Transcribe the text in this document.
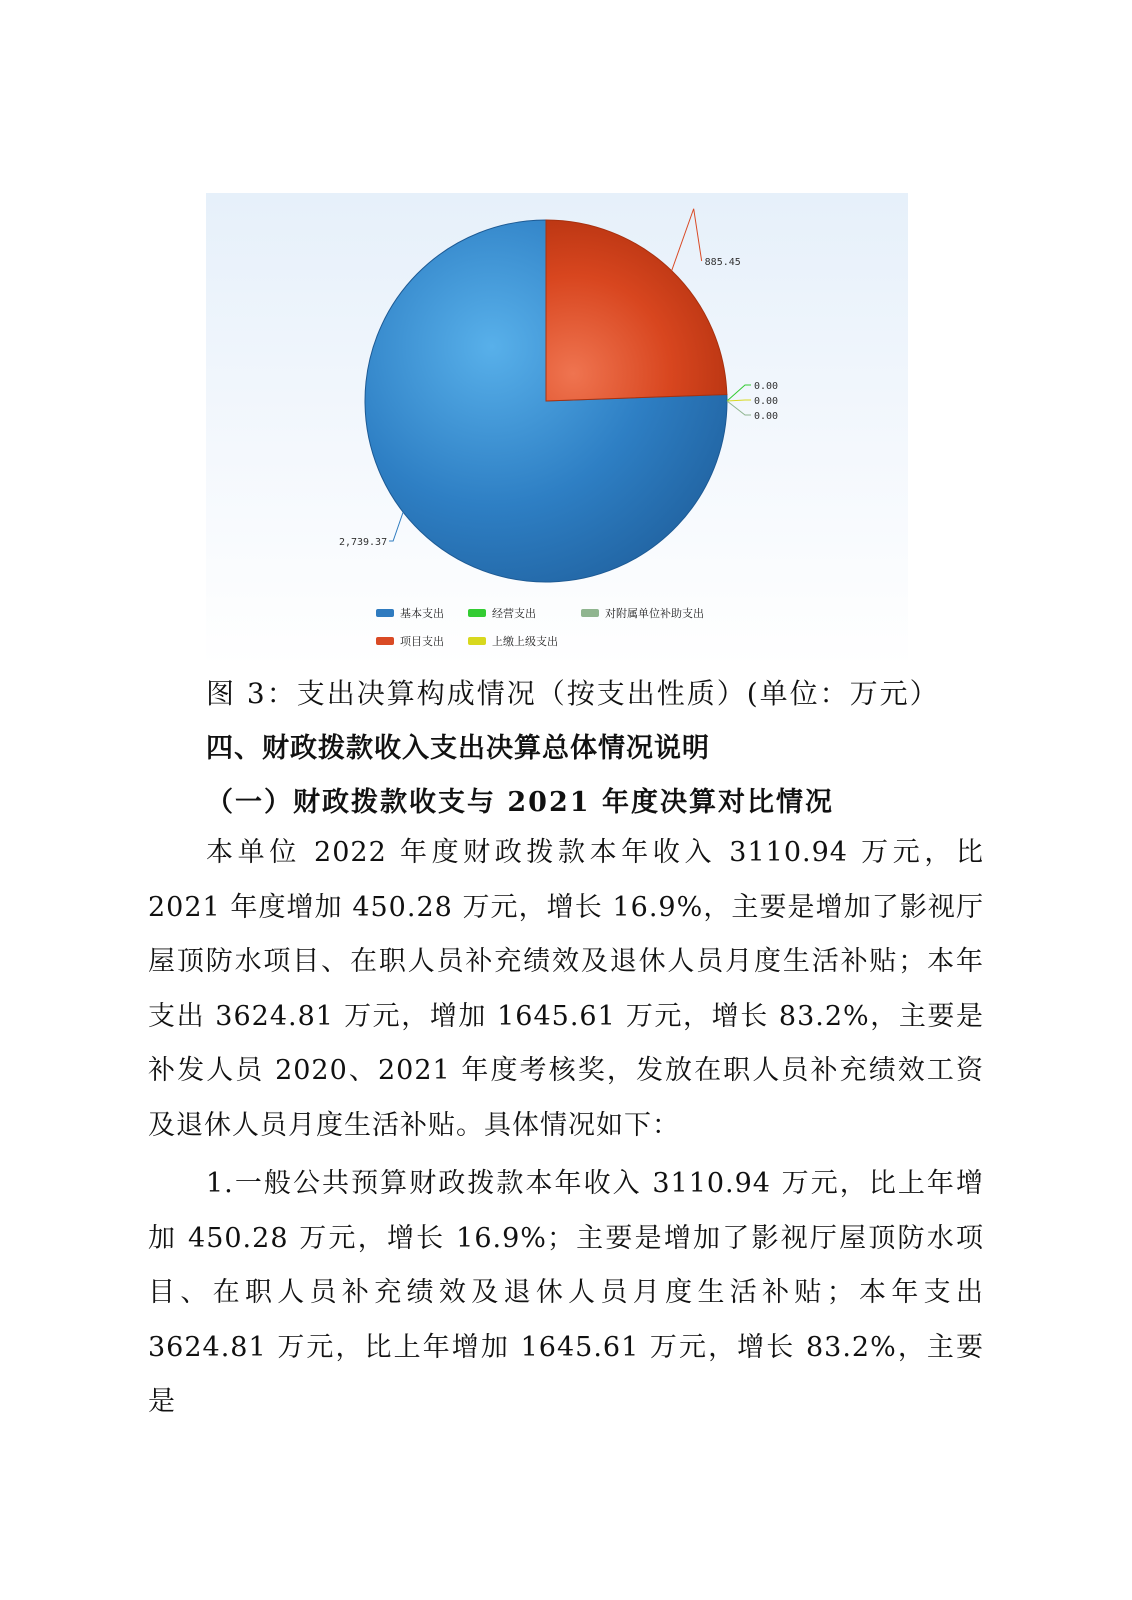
885.45
2,739.37
0.00
0.00
0.00
基本支出	经营支出	对附属单位补助支出
项目支出	上缴上级支出
图 3：支出决算构成情况（按支出性质）(单位：万元）
四、财政拨款收入支出决算总体情况说明
（一）财政拨款收支与 2021 年度决算对比情况
本单位 2022 年度财政拨款本年收入 3110.94 万元，比 2021 年度增加 450.28 万元，增长 16.9%，主要是增加了影视厅屋顶防水项目、在职人员补充绩效及退休人员月度生活补贴；本年支出 3624.81 万元，增加 1645.61 万元，增长 83.2%，主要是补发人员 2020、2021 年度考核奖，发放在职人员补充绩效工资及退休人员月度生活补贴。具体情况如下：
1.一般公共预算财政拨款本年收入 3110.94 万元，比上年增加 450.28 万元，增长 16.9%；主要是增加了影视厅屋顶防水项目、在职人员补充绩效及退休人员月度生活补贴；本年支出 3624.81 万元，比上年增加 1645.61 万元，增长 83.2%，主要是
